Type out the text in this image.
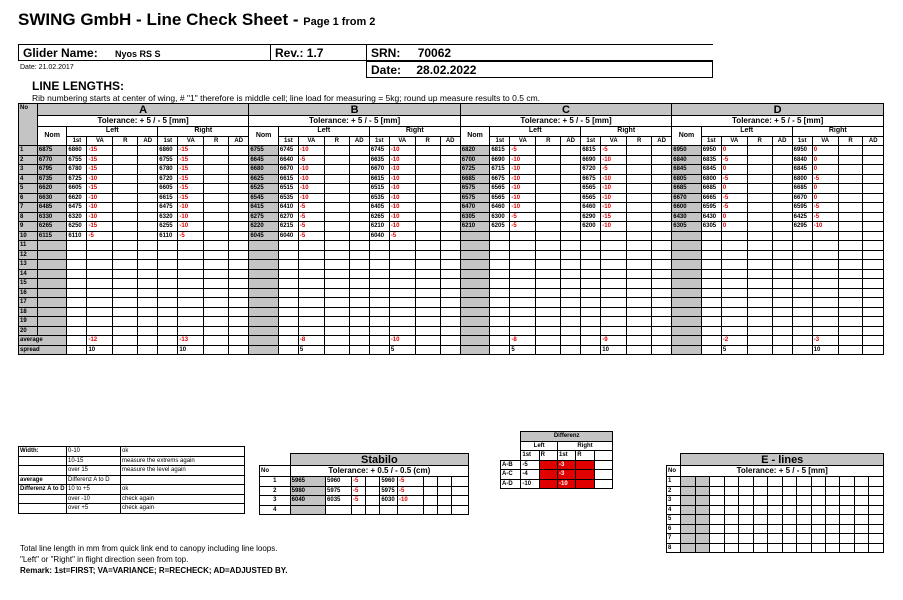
SWING GmbH - Line Check Sheet - Page 1 from 2
Glider Name: Nyos RS S	Rev.: 1.7	SRN: 70062
Date: 21.02.2017	Date: 28.02.2022
LINE LENGTHS:
Rib numbering starts at center of wing, # "1" therefore is middle cell; line load for measuring = 5kg; round up measure results to 0.5 cm.
No	A									B									C									D								
	Tolerance: + 5 / - 5 [mm]									Tolerance: + 5 / - 5 [mm]									Tolerance: + 5 / - 5 [mm]									Tolerance: + 5 / - 5 [mm]								
	Nom	Left				Right				Nom	Left				Right				Nom	Left				Right				Nom	Left				Right			
		1st	VA	R	AD	1st	VA	R	AD		1st	VA	R	AD	1st	VA	R	AD		1st	VA	R	AD	1st	VA	R	AD		1st	VA	R	AD	1st	VA	R	AD
1	6875	6860	-15			6860	-15			6755	6745	-10			6745	-10			6820	6815	-5			6815	-5			6950	6950	0			6950	0		
2	6770	6755	-15			6755	-15			6645	6640	-5			6635	-10			6700	6690	-10			6690	-10			6840	6835	-5			6840	0		
3	6795	6780	-15			6780	-15			6680	6670	-10			6670	-10			6725	6715	-10			6720	-5			6845	6845	0			6845	0		
4	6735	6725	-10			6720	-15			6625	6615	-10			6615	-10			6685	6675	-10			6675	-10			6805	6800	-5			6800	-5		
5	6620	6605	-15			6605	-15			6525	6515	-10			6515	-10			6575	6565	-10			6565	-10			6685	6685	0			6685	0		
6	6630	6620	-10			6615	-15			6545	6535	-10			6535	-10			6575	6565	-10			6565	-10			6670	6665	-5			6670	0		
7	6485	6475	-10			6475	-10			6415	6410	-5			6405	-10			6470	6460	-10			6460	-10			6600	6595	-5			6595	-5		
8	6330	6320	-10			6320	-10			6275	6270	-5			6265	-10			6305	6300	-5			6290	-15			6430	6430	0			6425	-5		
9	6265	6250	-15			6255	-10			6220	6215	-5			6210	-10			6210	6205	-5			6200	-10			6305	6305	0			6295	-10		
10	6115	6110	-5			6110	-5			6045	6040	-5			6040	-5																				
11																																				
12																																				
13																																				
14																																				
15																																				
16																																				
17																																				
18																																				
19																																				
20																																				
average			-12				-13					-8				-10					-8				-9					-2				-3		
spread			10				10					5				5					5				10					5				10		
Width:	0-10	ok
	10-15	measure the extrems again
	over 15	measure the level again
average	Differenz A to D	
Differenz A to D	10 to +5	ok
	over -10	check again
	over +5	check again
	Stabilo								
No	Tolerance: + 0.5 / - 0.5 (cm)								
1	5965	5960	-5		5960	-5			
2	5980	5975	-5		5975	-5			
3	6040	6035	-5		6030	-10			
4									
	Differenz				
	Left		Right		
	1st	R	1st	R	
A-B	-5		-3		
A-C	-4		-3		
A-D	-10		-10		
	E - lines													
No	Tolerance: + 5 / - 5 [mm]													
1														
2														
3														
4														
5														
6														
7														
8														
Total line length in mm from quick link end to canopy including line loops.
"Left" or "Right" in flight direction seen from top.
Remark: 1st=FIRST; VA=VARIANCE; R=RECHECK; AD=ADJUSTED BY.
